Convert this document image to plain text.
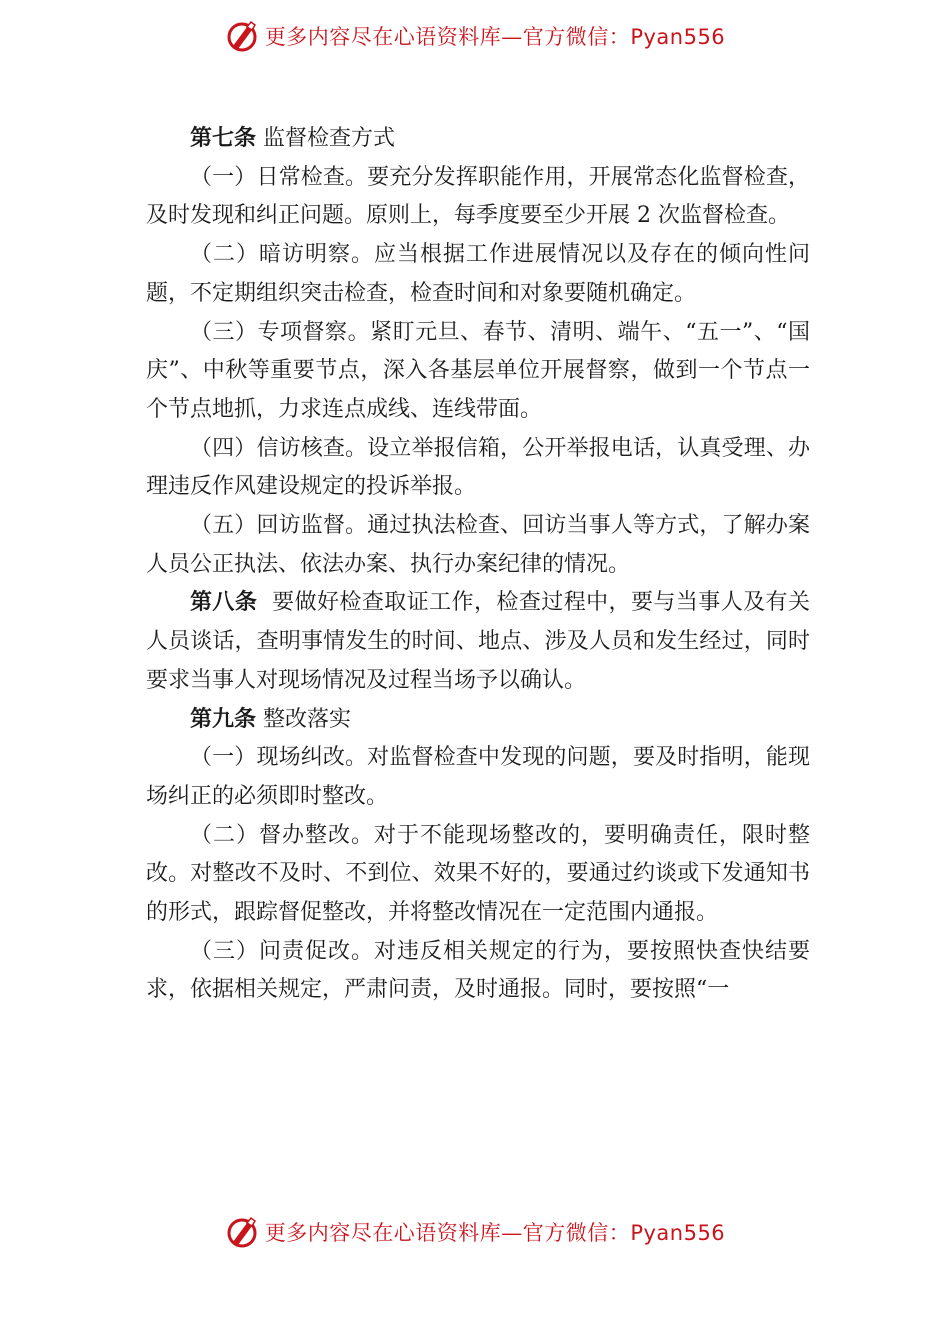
更多内容尽在心语资料库—官方微信：Pyan556

第七条 监督检查方式

（一）日常检查。要充分发挥职能作用，开展常态化监督检查，及时发现和纠正问题。原则上，每季度要至少开展 2 次监督检查。

（二）暗访明察。应当根据工作进展情况以及存在的倾向性问题，不定期组织突击检查，检查时间和对象要随机确定。

（三）专项督察。紧盯元旦、春节、清明、端午、“五一”、“国庆”、中秋等重要节点，深入各基层单位开展督察，做到一个节点一个节点地抓，力求连点成线、连线带面。

（四）信访核查。设立举报信箱，公开举报电话，认真受理、办理违反作风建设规定的投诉举报。

（五）回访监督。通过执法检查、回访当事人等方式，了解办案人员公正执法、依法办案、执行办案纪律的情况。

第八条 要做好检查取证工作，检查过程中，要与当事人及有关人员谈话，查明事情发生的时间、地点、涉及人员和发生经过，同时要求当事人对现场情况及过程当场予以确认。

第九条 整改落实

（一）现场纠改。对监督检查中发现的问题，要及时指明，能现场纠正的必须即时整改。

（二）督办整改。对于不能现场整改的，要明确责任，限时整改。对整改不及时、不到位、效果不好的，要通过约谈或下发通知书的形式，跟踪督促整改，并将整改情况在一定范围内通报。

（三）问责促改。对违反相关规定的行为，要按照快查快结要求，依据相关规定，严肃问责，及时通报。同时，要按照“一

更多内容尽在心语资料库—官方微信：Pyan556
